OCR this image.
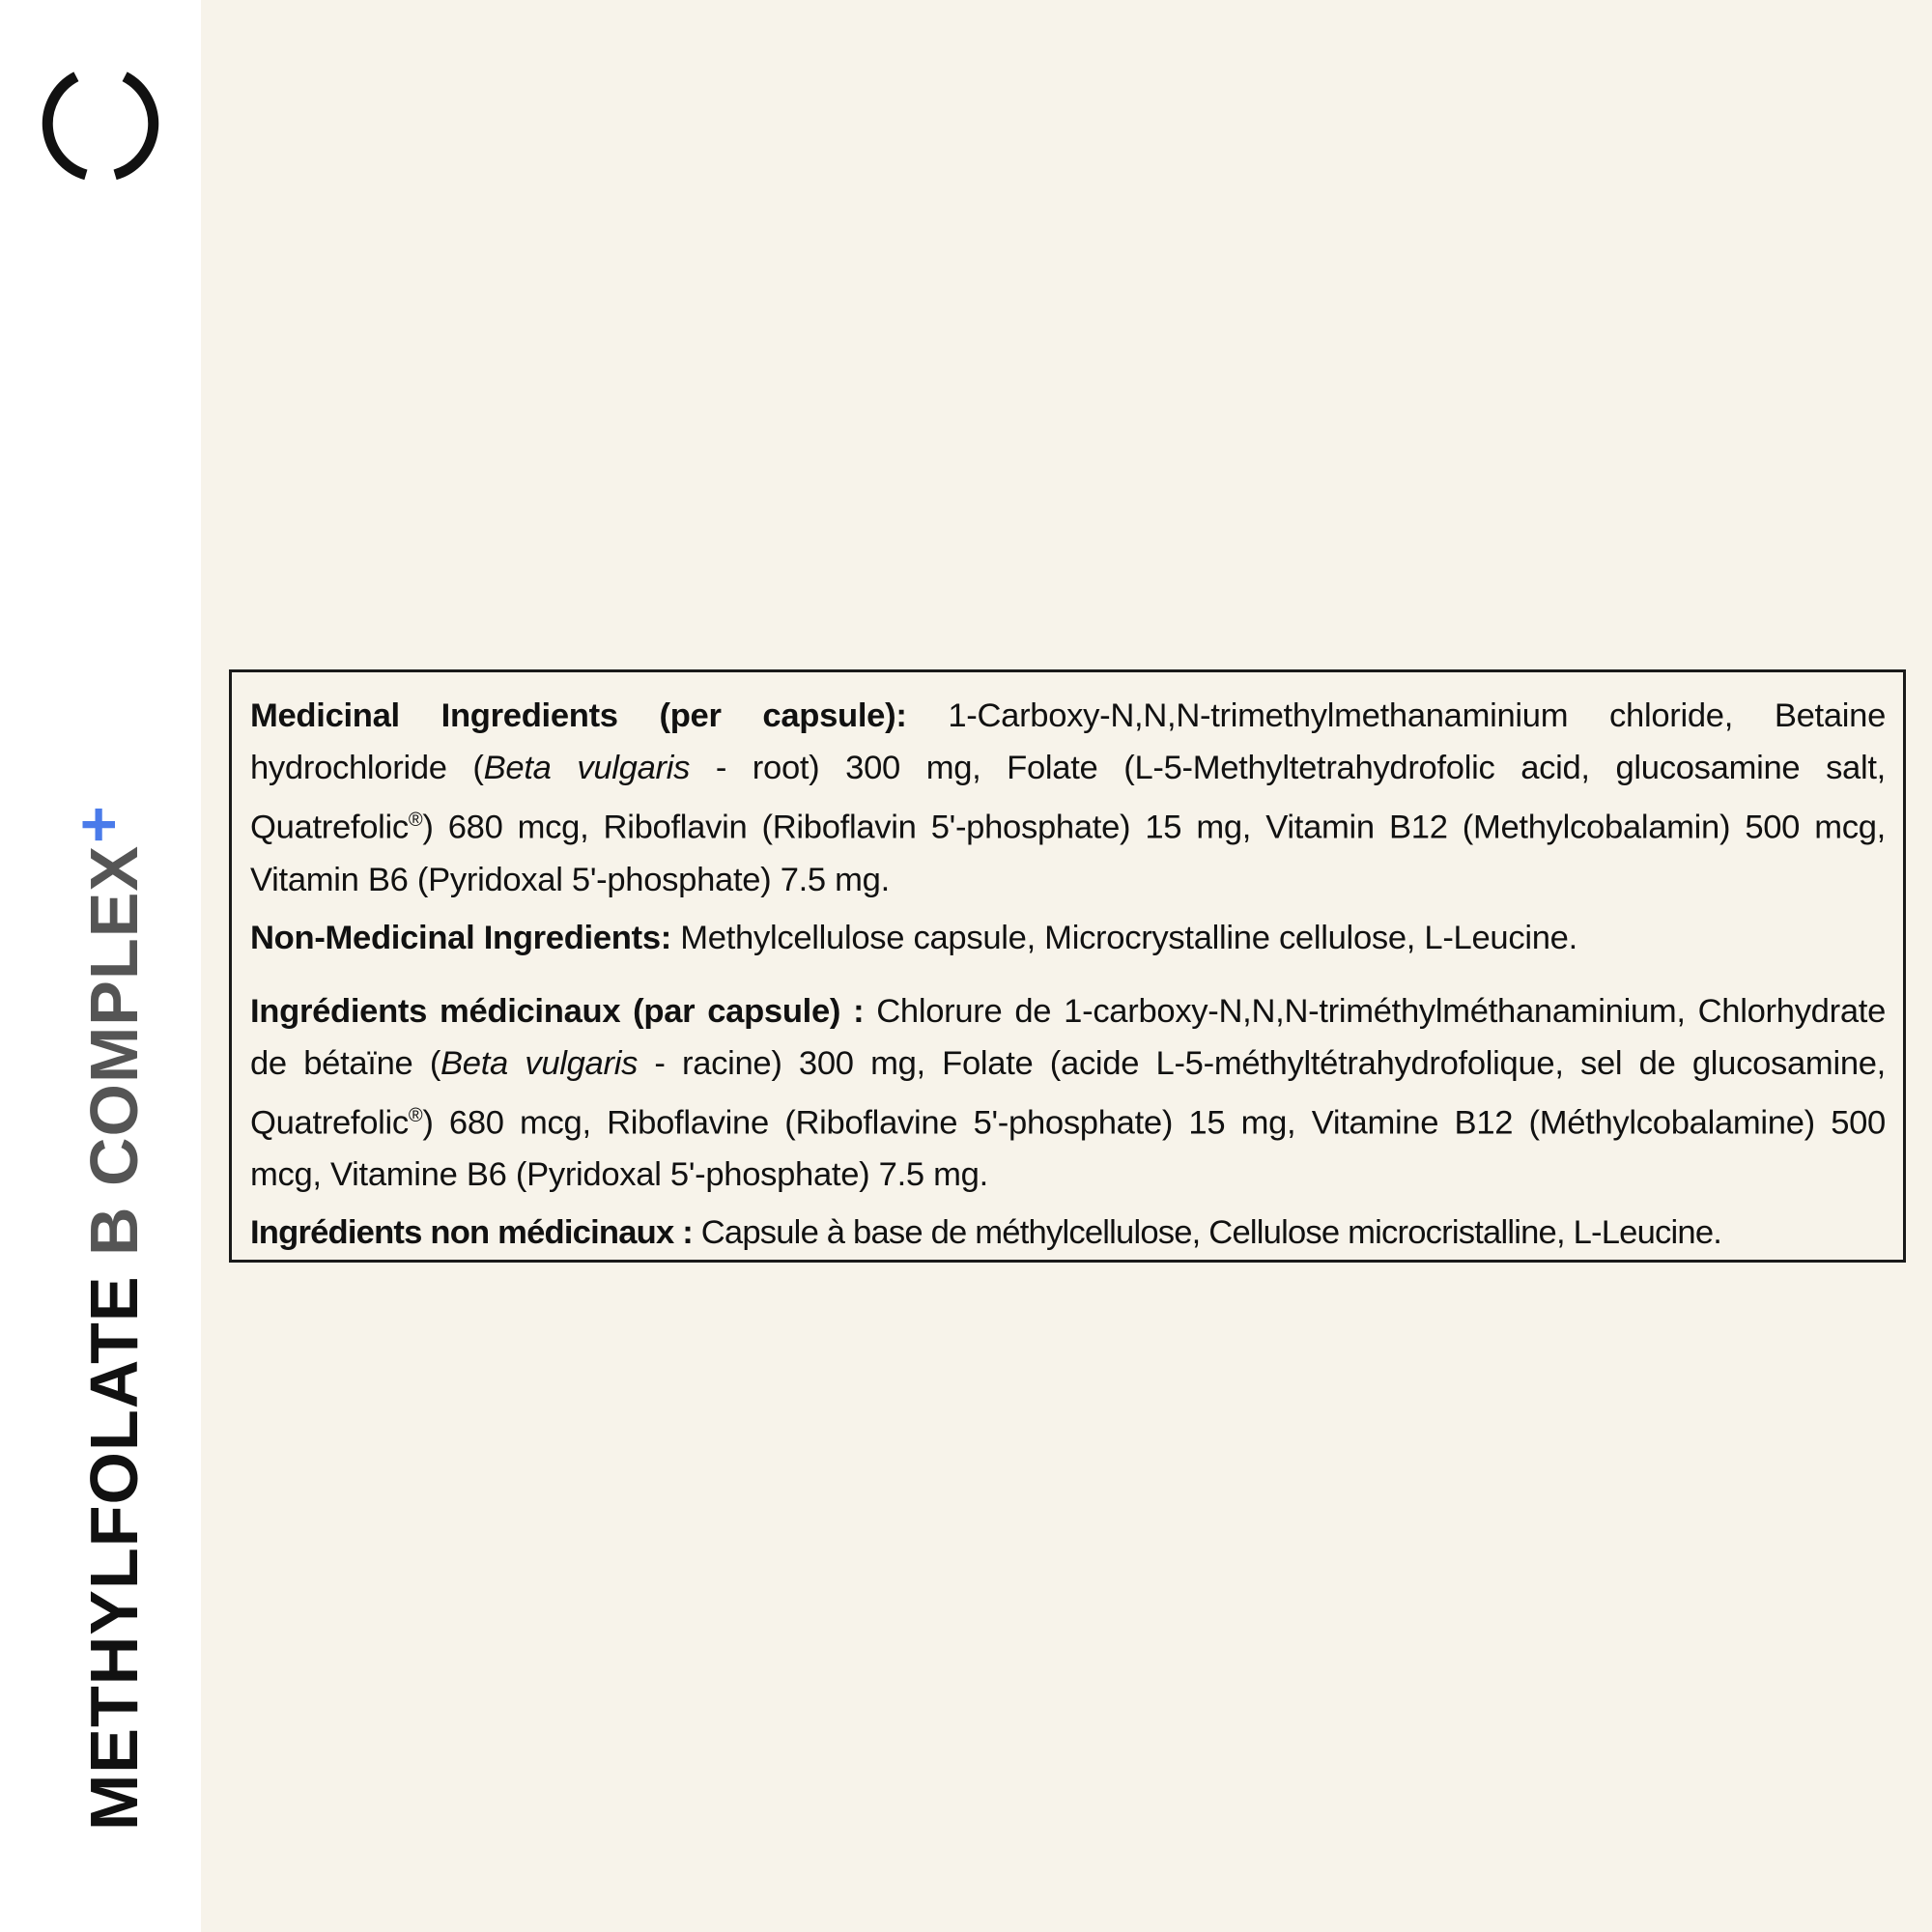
METHYLFOLATE B COMPLEX+

Medicinal Ingredients (per capsule): 1-Carboxy-N,N,N-trimethylmethanaminium chloride, Betaine hydrochloride (Beta vulgaris - root) 300 mg, Folate (L-5-Methyltetrahydrofolic acid, glucosamine salt, Quatrefolic®) 680 mcg, Riboflavin (Riboflavin 5'-phosphate) 15 mg, Vitamin B12 (Methylcobalamin) 500 mcg, Vitamin B6 (Pyridoxal 5'-phosphate) 7.5 mg.

Non-Medicinal Ingredients: Methylcellulose capsule, Microcrystalline cellulose, L-Leucine.

Ingrédients médicinaux (par capsule) : Chlorure de 1-carboxy-N,N,N-triméthylméthanaminium, Chlorhydrate de bétaïne (Beta vulgaris - racine) 300 mg, Folate (acide L-5-méthyltétrahydrofolique, sel de glucosamine, Quatrefolic®) 680 mcg, Riboflavine (Riboflavine 5'-phosphate) 15 mg, Vitamine B12 (Méthylcobalamine) 500 mcg, Vitamine B6 (Pyridoxal 5'-phosphate) 7.5 mg.

Ingrédients non médicinaux : Capsule à base de méthylcellulose, Cellulose microcristalline, L-Leucine.
